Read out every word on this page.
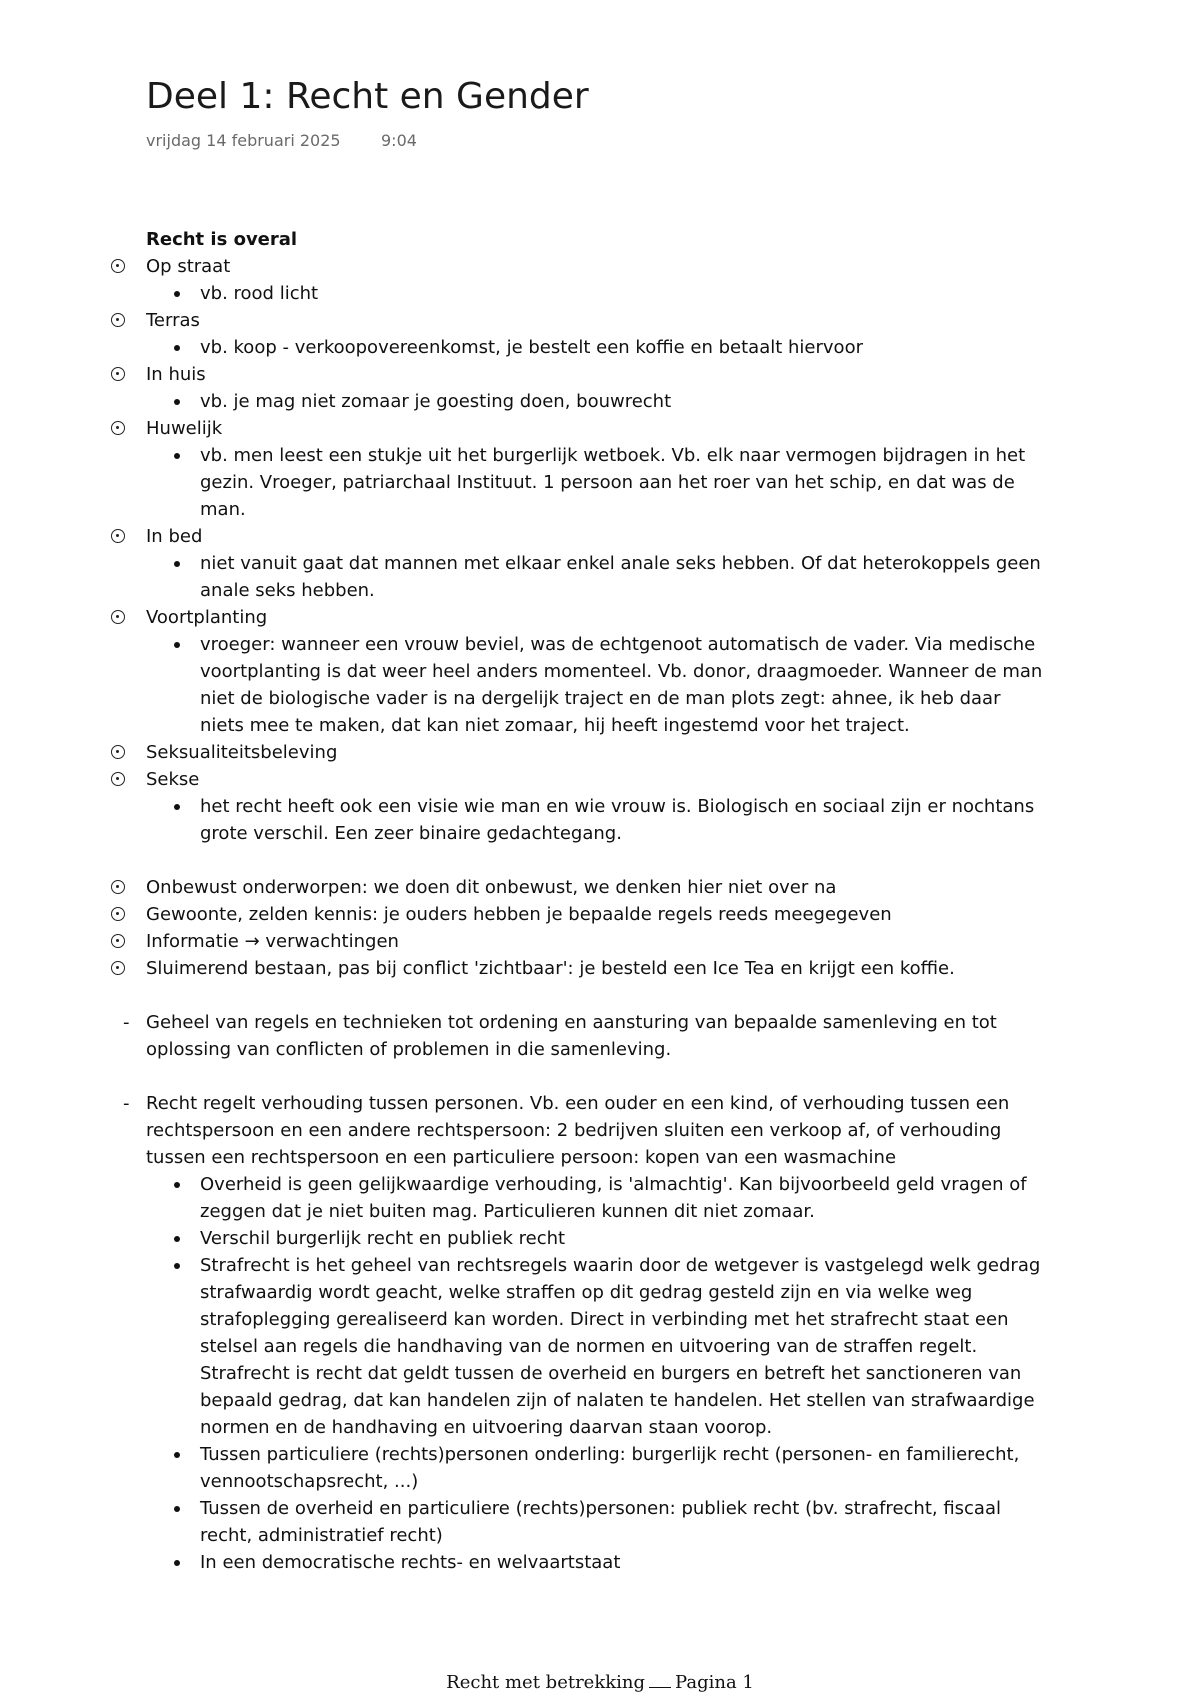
Deel 1: Recht en Gender
vrijdag 14 februari 2025	9:04
Recht is overal
Op straat
vb. rood licht
Terras
vb. koop - verkoopovereenkomst, je bestelt een koffie en betaalt hiervoor
In huis
vb. je mag niet zomaar je goesting doen, bouwrecht
Huwelijk
vb. men leest een stukje uit het burgerlijk wetboek. Vb. elk naar vermogen bijdragen in het gezin. Vroeger, patriarchaal Instituut. 1 persoon aan het roer van het schip, en dat was de man.
In bed
niet vanuit gaat dat mannen met elkaar enkel anale seks hebben. Of dat heterokoppels geen anale seks hebben.
Voortplanting
vroeger: wanneer een vrouw beviel, was de echtgenoot automatisch de vader. Via medische voortplanting is dat weer heel anders momenteel. Vb. donor, draagmoeder. Wanneer de man niet de biologische vader is na dergelijk traject en de man plots zegt: ahnee, ik heb daar niets mee te maken, dat kan niet zomaar, hij heeft ingestemd voor het traject.
Seksualiteitsbeleving
Sekse
het recht heeft ook een visie wie man en wie vrouw is. Biologisch en sociaal zijn er nochtans grote verschil. Een zeer binaire gedachtegang.
Onbewust onderworpen: we doen dit onbewust, we denken hier niet over na
Gewoonte, zelden kennis: je ouders hebben je bepaalde regels reeds meegegeven
Informatie → verwachtingen
Sluimerend bestaan, pas bij conflict 'zichtbaar': je besteld een Ice Tea en krijgt een koffie.
- Geheel van regels en technieken tot ordening en aansturing van bepaalde samenleving en tot oplossing van conflicten of problemen in die samenleving.
- Recht regelt verhouding tussen personen. Vb. een ouder en een kind, of verhouding tussen een rechtspersoon en een andere rechtspersoon: 2 bedrijven sluiten een verkoop af, of verhouding tussen een rechtspersoon en een particuliere persoon: kopen van een wasmachine
Overheid is geen gelijkwaardige verhouding, is 'almachtig'. Kan bijvoorbeeld geld vragen of zeggen dat je niet buiten mag. Particulieren kunnen dit niet zomaar.
Verschil burgerlijk recht en publiek recht
Strafrecht is het geheel van rechtsregels waarin door de wetgever is vastgelegd welk gedrag strafwaardig wordt geacht, welke straffen op dit gedrag gesteld zijn en via welke weg strafoplegging gerealiseerd kan worden. Direct in verbinding met het strafrecht staat een stelsel aan regels die handhaving van de normen en uitvoering van de straffen regelt. Strafrecht is recht dat geldt tussen de overheid en burgers en betreft het sanctioneren van bepaald gedrag, dat kan handelen zijn of nalaten te handelen. Het stellen van strafwaardige normen en de handhaving en uitvoering daarvan staan voorop.
Tussen particuliere (rechts)personen onderling: burgerlijk recht (personen- en familierecht, vennootschapsrecht, ...)
Tussen de overheid en particuliere (rechts)personen: publiek recht (bv. strafrecht, fiscaal recht, administratief recht)
In een democratische rechts- en welvaartstaat
Recht met betrekking Pagina 1
